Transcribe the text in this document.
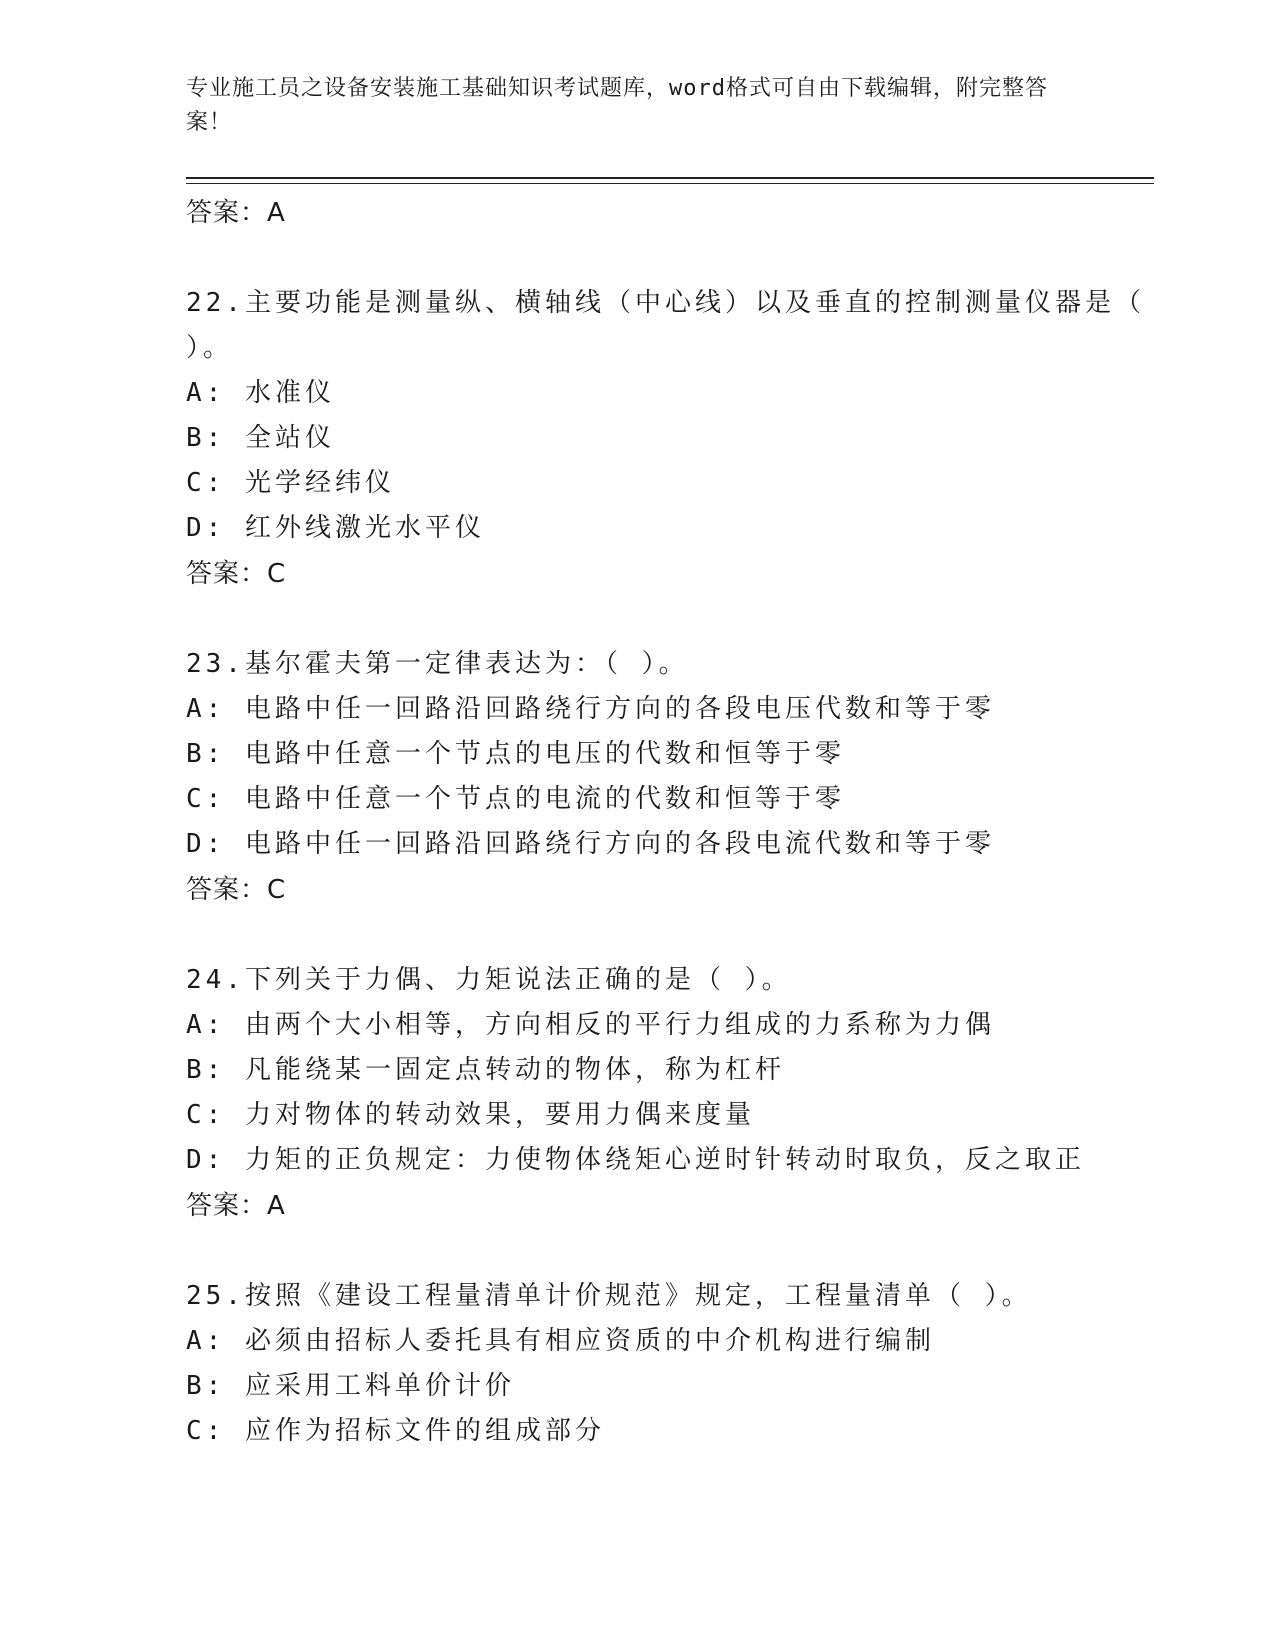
专业施工员之设备安装施工基础知识考试题库，word格式可自由下载编辑，附完整答案！
答案：A
22.主要功能是测量纵、横轴线（中心线）以及垂直的控制测量仪器是（ ）。
A: 水准仪
B: 全站仪
C: 光学经纬仪
D: 红外线激光水平仪
答案：C
23.基尔霍夫第一定律表达为：（ ）。
A: 电路中任一回路沿回路绕行方向的各段电压代数和等于零
B: 电路中任意一个节点的电压的代数和恒等于零
C: 电路中任意一个节点的电流的代数和恒等于零
D: 电路中任一回路沿回路绕行方向的各段电流代数和等于零
答案：C
24.下列关于力偶、力矩说法正确的是（ ）。
A: 由两个大小相等，方向相反的平行力组成的力系称为力偶
B: 凡能绕某一固定点转动的物体，称为杠杆
C: 力对物体的转动效果，要用力偶来度量
D: 力矩的正负规定：力使物体绕矩心逆时针转动时取负，反之取正
答案：A
25.按照《建设工程量清单计价规范》规定，工程量清单（ ）。
A: 必须由招标人委托具有相应资质的中介机构进行编制
B: 应采用工料单价计价
C: 应作为招标文件的组成部分
